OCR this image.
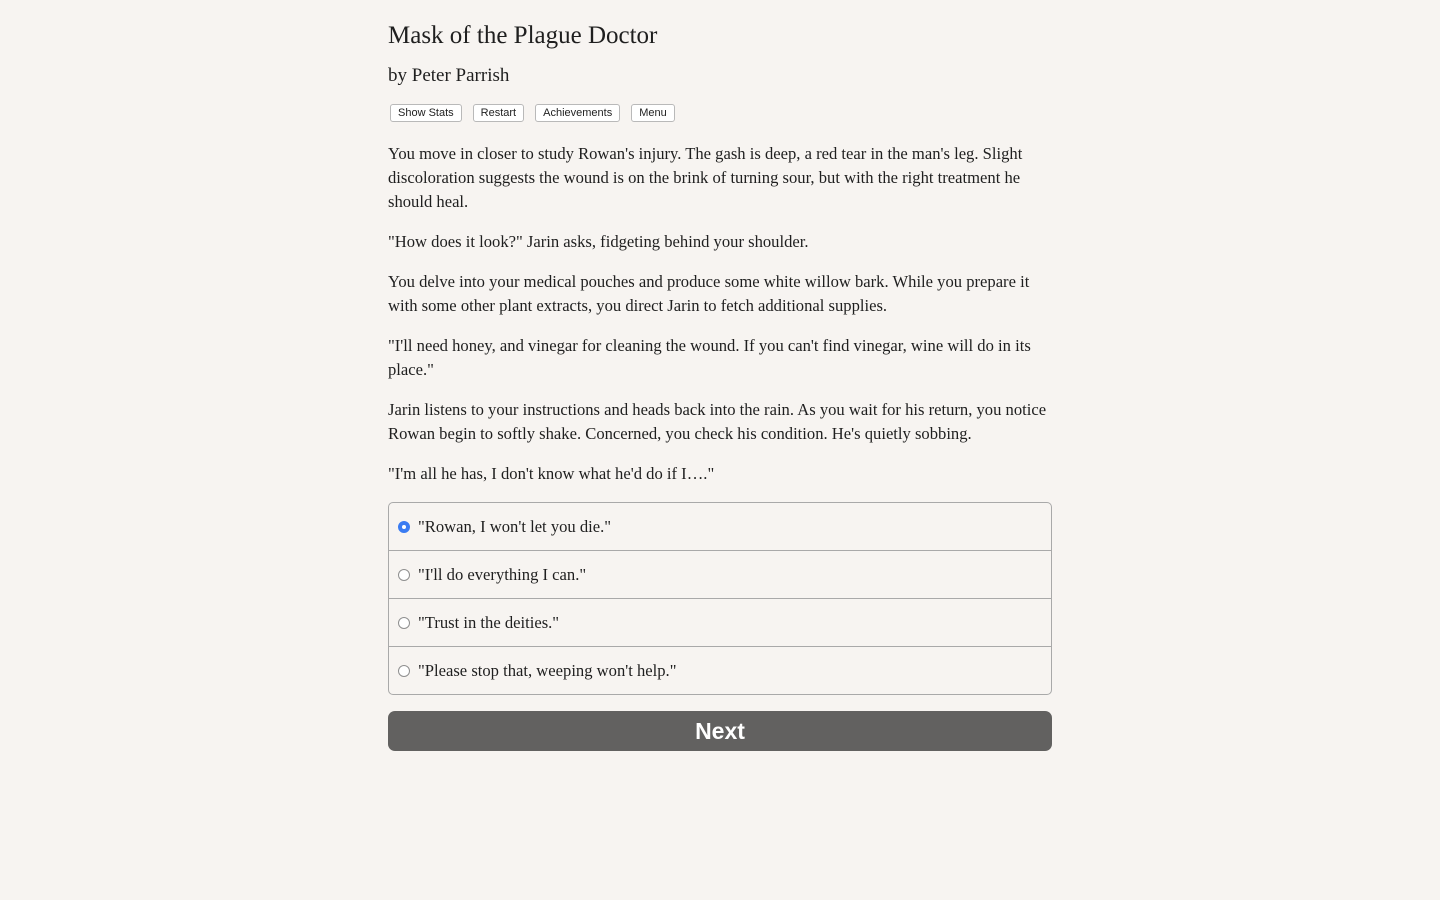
Mask of the Plague Doctor
by Peter Parrish
Show Stats	Restart	Achievements	Menu

You move in closer to study Rowan's injury. The gash is deep, a red tear in the man's leg. Slight discoloration suggests the wound is on the brink of turning sour, but with the right treatment he should heal.

"How does it look?" Jarin asks, fidgeting behind your shoulder.

You delve into your medical pouches and produce some white willow bark. While you prepare it with some other plant extracts, you direct Jarin to fetch additional supplies.

"I'll need honey, and vinegar for cleaning the wound. If you can't find vinegar, wine will do in its place."

Jarin listens to your instructions and heads back into the rain. As you wait for his return, you notice Rowan begin to softly shake. Concerned, you check his condition. He's quietly sobbing.

"I'm all he has, I don't know what he'd do if I…."

"Rowan, I won't let you die."
"I'll do everything I can."
"Trust in the deities."
"Please stop that, weeping won't help."
Next
